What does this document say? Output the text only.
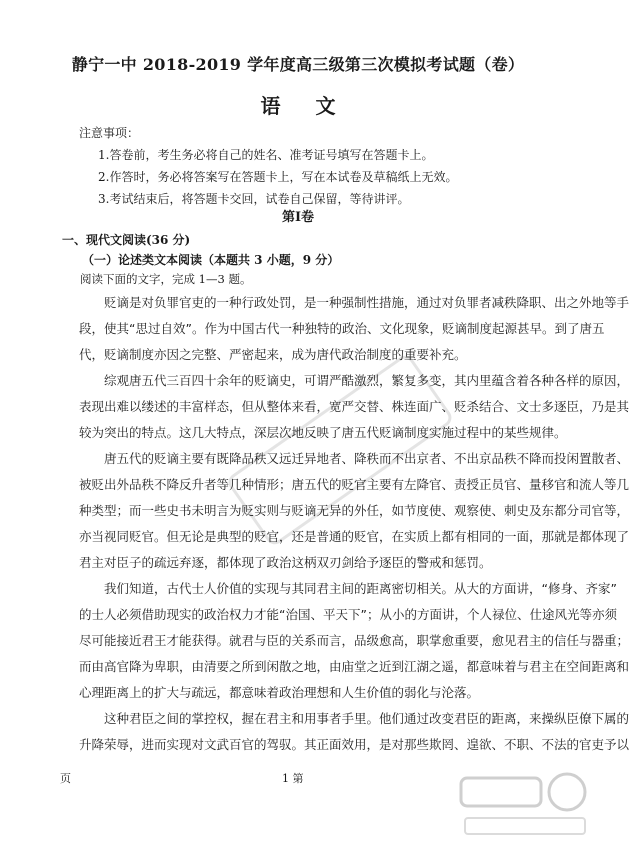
静宁一中 2018-2019 学年度高三级第三次模拟考试题（卷）
语 文
注意事项：
1.答卷前，考生务必将自己的姓名、准考证号填写在答题卡上。
2.作答时，务必将答案写在答题卡上，写在本试卷及草稿纸上无效。
3.考试结束后，将答题卡交回，试卷自己保留，等待讲评。
第Ⅰ卷
一、现代文阅读(36 分)
（一）论述类文本阅读（本题共 3 小题，9 分）
阅读下面的文字，完成 1—3 题。

贬谪是对负罪官吏的一种行政处罚，是一种强制性措施，通过对负罪者减秩降职、出之外地等手
段，使其“思过自效”。作为中国古代一种独特的政治、文化现象，贬谪制度起源甚早。到了唐五
代，贬谪制度亦因之完整、严密起来，成为唐代政治制度的重要补充。

综观唐五代三百四十余年的贬谪史，可谓严酷激烈，繁复多变，其内里蕴含着各种各样的原因，
表现出难以缕述的丰富样态，但从整体来看，宽严交替、株连面广、贬杀结合、文士多逐臣，乃是其
较为突出的特点。这几大特点，深层次地反映了唐五代贬谪制度实施过程中的某些规律。

唐五代的贬谪主要有既降品秩又远迁异地者、降秩而不出京者、不出京品秩不降而投闲置散者、
被贬出外品秩不降反升者等几种情形；唐五代的贬官主要有左降官、责授正员官、量移官和流人等几
种类型；而一些史书未明言为贬实则与贬谪无异的外任，如节度使、观察使、刺史及东都分司官等，
亦当视同贬官。但无论是典型的贬官，还是普通的贬官，在实质上都有相同的一面，那就是都体现了
君主对臣子的疏远弃逐，都体现了政治这柄双刃剑给予逐臣的警戒和惩罚。

我们知道，古代士人价值的实现与其同君主间的距离密切相关。从大的方面讲，“修身、齐家”
的士人必须借助现实的政治权力才能“治国、平天下”；从小的方面讲，个人禄位、仕途风光等亦须
尽可能接近君王才能获得。就君与臣的关系而言，品级愈高，职掌愈重要，愈见君主的信任与器重；
而由高官降为卑职，由清要之所到闲散之地，由庙堂之近到江湖之遥，都意味着与君主在空间距离和
心理距离上的扩大与疏远，都意味着政治理想和人生价值的弱化与沦落。

这种君臣之间的掌控权，握在君主和用事者手里。他们通过改变君臣的距离，来操纵臣僚下属的
升降荣辱，进而实现对文武百官的驾驭。其正面效用，是对那些欺罔、遑欲、不职、不法的官吏予以

页	1 第
